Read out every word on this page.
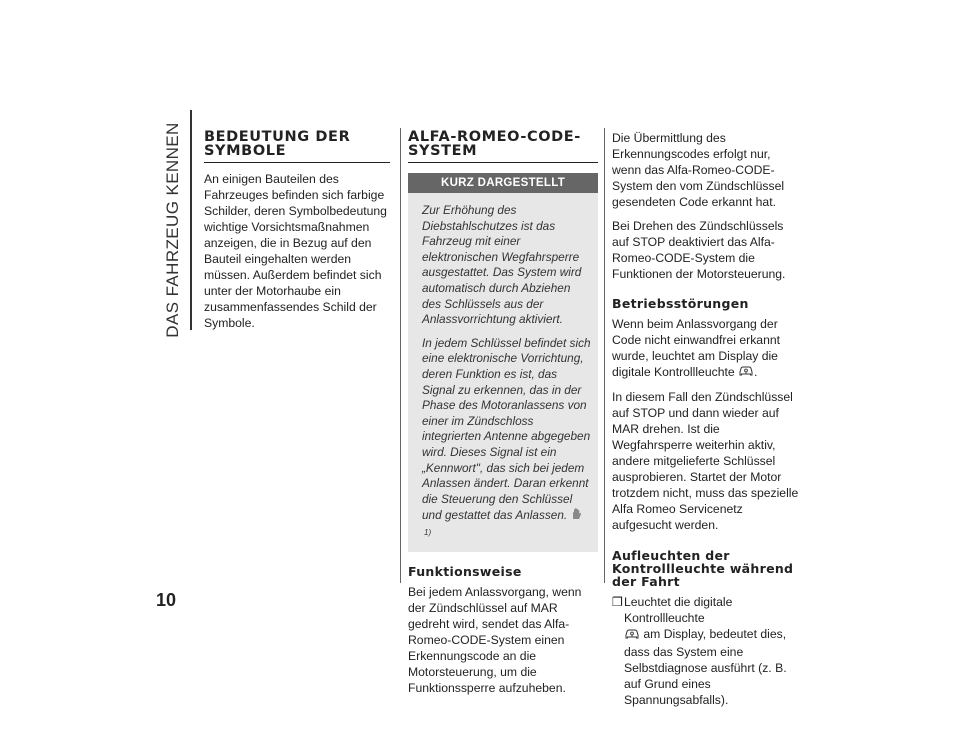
DAS FAHRZEUG KENNEN
10
BEDEUTUNG DER SYMBOLE

An einigen Bauteilen des Fahrzeuges befinden sich farbige Schilder, deren Symbolbedeutung wichtige Vorsichtsmaßnahmen anzeigen, die in Bezug auf den Bauteil eingehalten werden müssen. Außerdem befindet sich unter der Motorhaube ein zusammenfassendes Schild der Symbole.

ALFA-ROMEO-CODE-SYSTEM
KURZ DARGESTELLT

Zur Erhöhung des Diebstahlschutzes ist das Fahrzeug mit einer elektronischen Wegfahrsperre ausgestattet. Das System wird automatisch durch Abziehen des Schlüssels aus der Anlassvorrichtung aktiviert.

In jedem Schlüssel befindet sich eine elektronische Vorrichtung, deren Funktion es ist, das Signal zu erkennen, das in der Phase des Motoranlassens von einer im Zündschloss integrierten Antenne abgegeben wird. Dieses Signal ist ein „Kennwort", das sich bei jedem Anlassen ändert. Daran erkennt die Steuerung den Schlüssel und gestattet das Anlassen. $^{1)}$

Funktionsweise

Bei jedem Anlassvorgang, wenn der Zündschlüssel auf MAR gedreht wird, sendet das Alfa-Romeo-CODE-System einen Erkennungscode an die Motorsteuerung, um die Funktionssperre aufzuheben.

Die Übermittlung des Erkennungscodes erfolgt nur, wenn das Alfa-Romeo-CODE-System den vom Zündschlüssel gesendeten Code erkannt hat.

Bei Drehen des Zündschlüssels auf STOP deaktiviert das Alfa-Romeo-CODE-System die Funktionen der Motorsteuerung.

Betriebsstörungen

Wenn beim Anlassvorgang der Code nicht einwandfrei erkannt wurde, leuchtet am Display die digitale Kontrollleuchte .

In diesem Fall den Zündschlüssel auf STOP und dann wieder auf MAR drehen. Ist die Wegfahrsperre weiterhin aktiv, andere mitgelieferte Schlüssel ausprobieren. Startet der Motor trotzdem nicht, muss das spezielle Alfa Romeo Servicenetz aufgesucht werden.

Aufleuchten der Kontrollleuchte während der Fahrt
❒ Leuchtet die digitale Kontrollleuchte
am Display, bedeutet dies, dass das System eine Selbstdiagnose ausführt (z. B. auf Grund eines Spannungsabfalls).
